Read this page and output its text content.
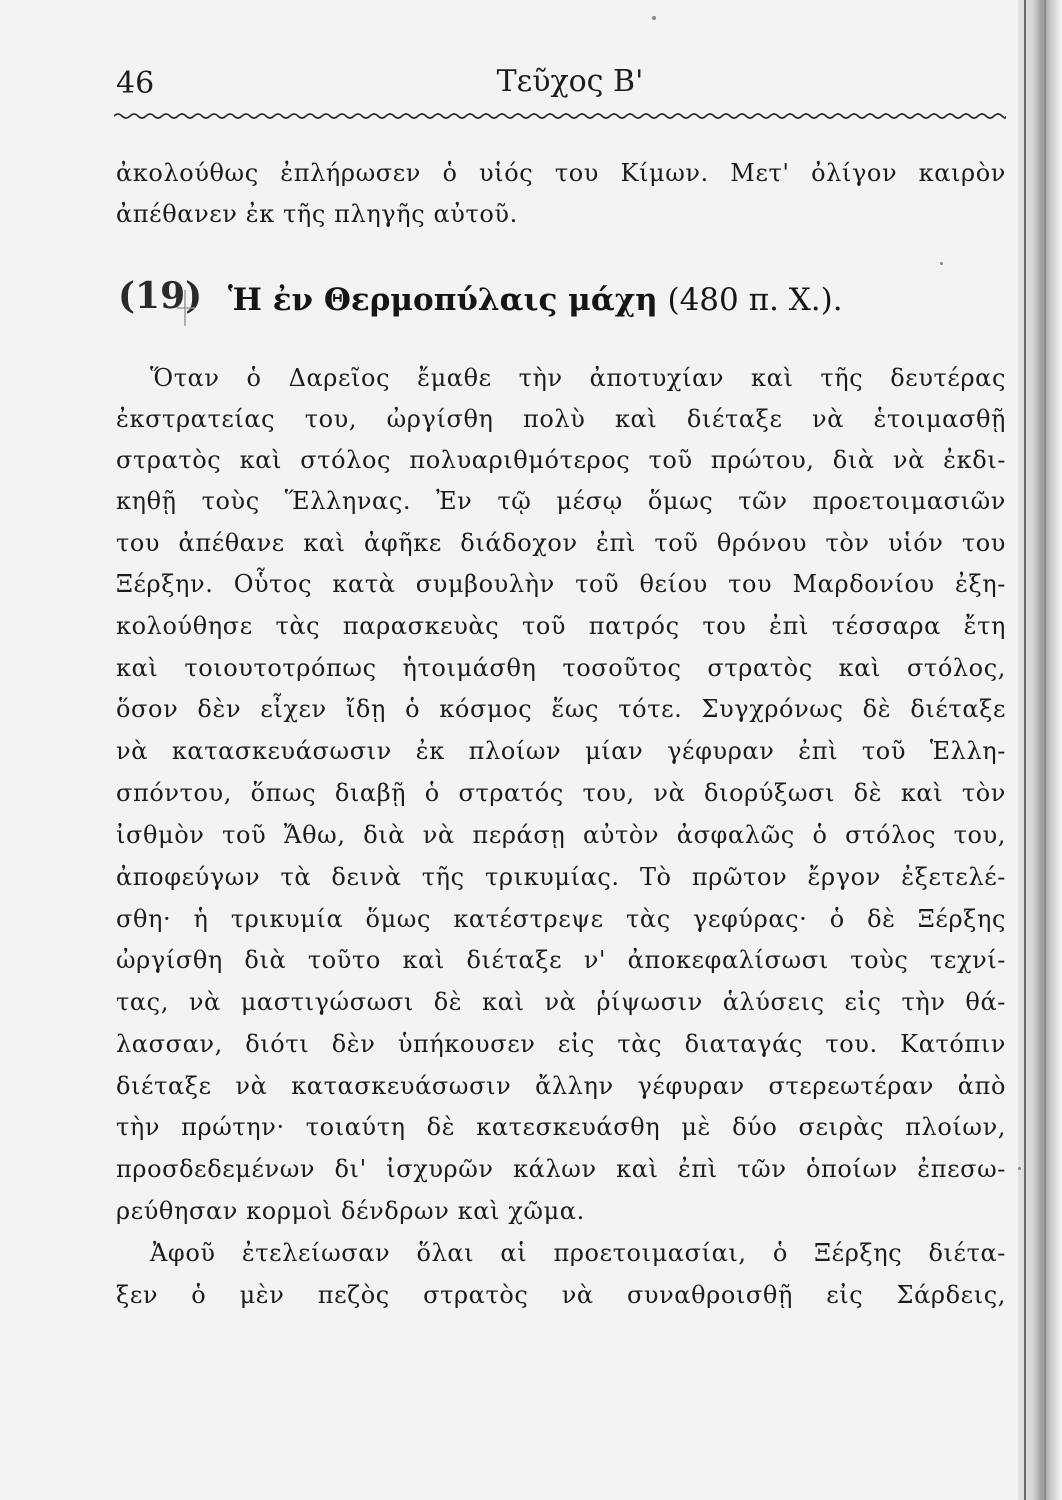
46	Τεῦχος Β'
ἀκολούθως ἐπλήρωσεν ὁ υἱός του Κίμων. Μετ' ὀλίγον καιρὸν
ἀπέθανεν ἐκ τῆς πληγῆς αὐτοῦ.
(19) Ἡ ἐν Θερμοπύλαις μάχη (480 π. Χ.).
Ὅταν ὁ Δαρεῖος ἔμαθε τὴν ἀποτυχίαν καὶ τῆς δευτέρας
ἐκστρατείας του, ὠργίσθη πολὺ καὶ διέταξε νὰ ἑτοιμασθῇ
στρατὸς καὶ στόλος πολυαριθμότερος τοῦ πρώτου, διὰ νὰ ἐκδι-
κηθῇ τοὺς Ἕλληνας. Ἐν τῷ μέσῳ ὅμως τῶν προετοιμασιῶν
του ἀπέθανε καὶ ἀφῆκε διάδοχον ἐπὶ τοῦ θρόνου τὸν υἱόν του
Ξέρξην. Οὗτος κατὰ συμβουλὴν τοῦ θείου του Μαρδονίου ἐξη-
κολούθησε τὰς παρασκευὰς τοῦ πατρός του ἐπὶ τέσσαρα ἔτη
καὶ τοιουτοτρόπως ἡτοιμάσθη τοσοῦτος στρατὸς καὶ στόλος,
ὅσον δὲν εἶχεν ἴδῃ ὁ κόσμος ἕως τότε. Συγχρόνως δὲ διέταξε
νὰ κατασκευάσωσιν ἐκ πλοίων μίαν γέφυραν ἐπὶ τοῦ Ἑλλη-
σπόντου, ὅπως διαβῇ ὁ στρατός του, νὰ διορύξωσι δὲ καὶ τὸν
ἰσθμὸν τοῦ Ἄθω, διὰ νὰ περάσῃ αὐτὸν ἀσφαλῶς ὁ στόλος του,
ἀποφεύγων τὰ δεινὰ τῆς τρικυμίας. Τὸ πρῶτον ἔργον ἐξετελέ-
σθη· ἡ τρικυμία ὅμως κατέστρεψε τὰς γεφύρας· ὁ δὲ Ξέρξης
ὠργίσθη διὰ τοῦτο καὶ διέταξε ν' ἀποκεφαλίσωσι τοὺς τεχνί-
τας, νὰ μαστιγώσωσι δὲ καὶ νὰ ῥίψωσιν ἁλύσεις εἰς τὴν θά-
λασσαν, διότι δὲν ὑπήκουσεν εἰς τὰς διαταγάς του. Κατόπιν
διέταξε νὰ κατασκευάσωσιν ἄλλην γέφυραν στερεωτέραν ἀπὸ
τὴν πρώτην· τοιαύτη δὲ κατεσκευάσθη μὲ δύο σειρὰς πλοίων,
προσδεδεμένων δι' ἰσχυρῶν κάλων καὶ ἐπὶ τῶν ὁποίων ἐπεσω-
ρεύθησαν κορμοὶ δένδρων καὶ χῶμα.
Ἀφοῦ ἐτελείωσαν ὅλαι αἱ προετοιμασίαι, ὁ Ξέρξης διέτα-
ξεν ὁ μὲν πεζὸς στρατὸς νὰ συναθροισθῇ εἰς Σάρδεις,
